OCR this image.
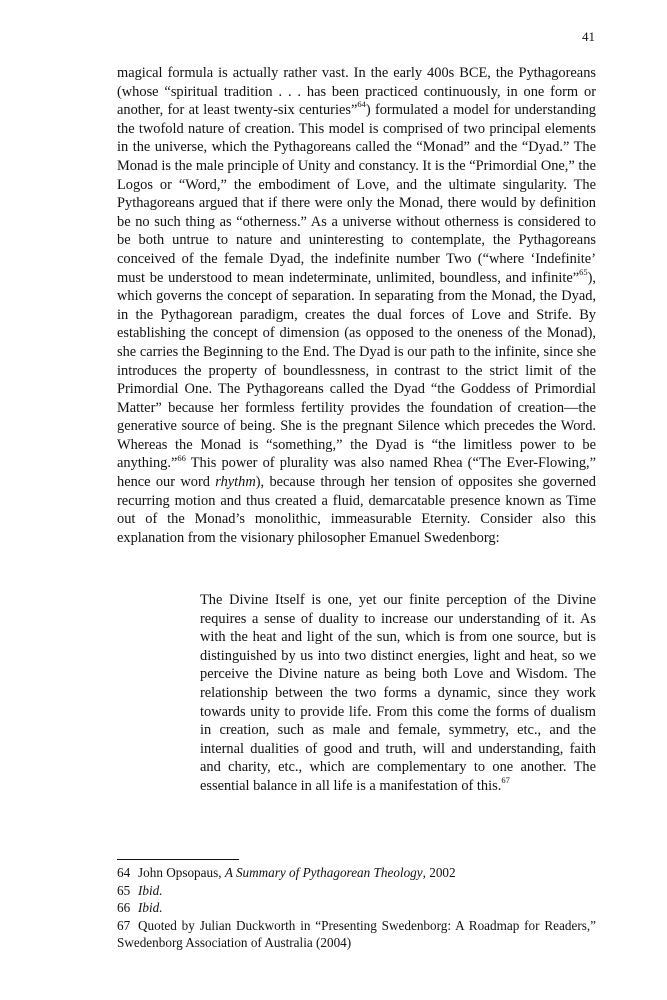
41

magical formula is actually rather vast. In the early 400s BCE, the Pythagoreans (whose “spiritual tradition . . . has been practiced continuously, in one form or another, for at least twenty-six centuries”$^{64}$) formulated a model for understanding the twofold nature of creation. This model is comprised of two principal elements in the universe, which the Pythagoreans called the “Monad” and the “Dyad.” The Monad is the male principle of Unity and constancy. It is the “Primordial One,” the Logos or “Word,” the embodiment of Love, and the ultimate singularity. The Pythagoreans argued that if there were only the Monad, there would by definition be no such thing as “otherness.” As a universe without otherness is considered to be both untrue to nature and uninteresting to contemplate, the Pythagoreans conceived of the female Dyad, the indefinite number Two (“where ‘Indefinite’ must be understood to mean indeterminate, unlimited, boundless, and infinite”$^{65}$), which governs the concept of separation. In separating from the Monad, the Dyad, in the Pythagorean paradigm, creates the dual forces of Love and Strife. By establishing the concept of dimension (as opposed to the oneness of the Monad), she carries the Beginning to the End. The Dyad is our path to the infinite, since she introduces the property of boundlessness, in contrast to the strict limit of the Primordial One. The Pythagoreans called the Dyad “the Goddess of Primordial Matter” because her formless fertility provides the foundation of creation—the generative source of being. She is the pregnant Silence which precedes the Word. Whereas the Monad is “something,” the Dyad is “the limitless power to be anything.”$^{66}$ This power of plurality was also named Rhea (“The Ever-Flowing,” hence our word rhythm), because through her tension of opposites she governed recurring motion and thus created a fluid, demarcatable presence known as Time out of the Monad’s monolithic, immeasurable Eternity. Consider also this explanation from the visionary philosopher Emanuel Swedenborg:

The Divine Itself is one, yet our finite perception of the Divine requires a sense of duality to increase our understanding of it. As with the heat and light of the sun, which is from one source, but is distinguished by us into two distinct energies, light and heat, so we perceive the Divine nature as being both Love and Wisdom. The relationship between the two forms a dynamic, since they work towards unity to provide life. From this come the forms of dualism in creation, such as male and female, symmetry, etc., and the internal dualities of good and truth, will and understanding, faith and charity, etc., which are complementary to one another. The essential balance in all life is a manifestation of this.$^{67}$

64 John Opsopaus, A Summary of Pythagorean Theology, 2002

65 Ibid.

66 Ibid.

67 Quoted by Julian Duckworth in “Presenting Swedenborg: A Roadmap for Readers,” Swedenborg Association of Australia (2004)
